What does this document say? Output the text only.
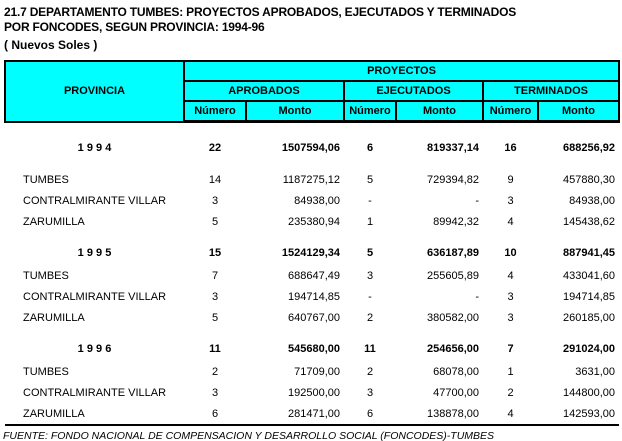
21.7 DEPARTAMENTO TUMBES: PROYECTOS APROBADOS, EJECUTADOS Y TERMINADOS
POR FONCODES, SEGUN PROVINCIA: 1994-96
( Nuevos Soles )
PROVINCIA	PROYECTOS					
	APROBADOS		EJECUTADOS		TERMINADOS	
	Número	Monto	Número	Monto	Número	Monto

1 9 9 4	22	1507594,06	6	819337,14	16	688256,92

TUMBES	14	1187275,12	5	729394,82	9	457880,30
CONTRALMIRANTE VILLAR	3	84938,00	-	-	3	84938,00
ZARUMILLA	5	235380,94	1	89942,32	4	145438,62

1 9 9 5	15	1524129,34	5	636187,89	10	887941,45

TUMBES	7	688647,49	3	255605,89	4	433041,60
CONTRALMIRANTE VILLAR	3	194714,85	-	-	3	194714,85
ZARUMILLA	5	640767,00	2	380582,00	3	260185,00

1 9 9 6	11	545680,00	11	254656,00	7	291024,00

TUMBES	2	71709,00	2	68078,00	1	3631,00
CONTRALMIRANTE VILLAR	3	192500,00	3	47700,00	2	144800,00
ZARUMILLA	6	281471,00	6	138878,00	4	142593,00
FUENTE: FONDO NACIONAL DE COMPENSACION Y DESARROLLO SOCIAL (FONCODES)-TUMBES
